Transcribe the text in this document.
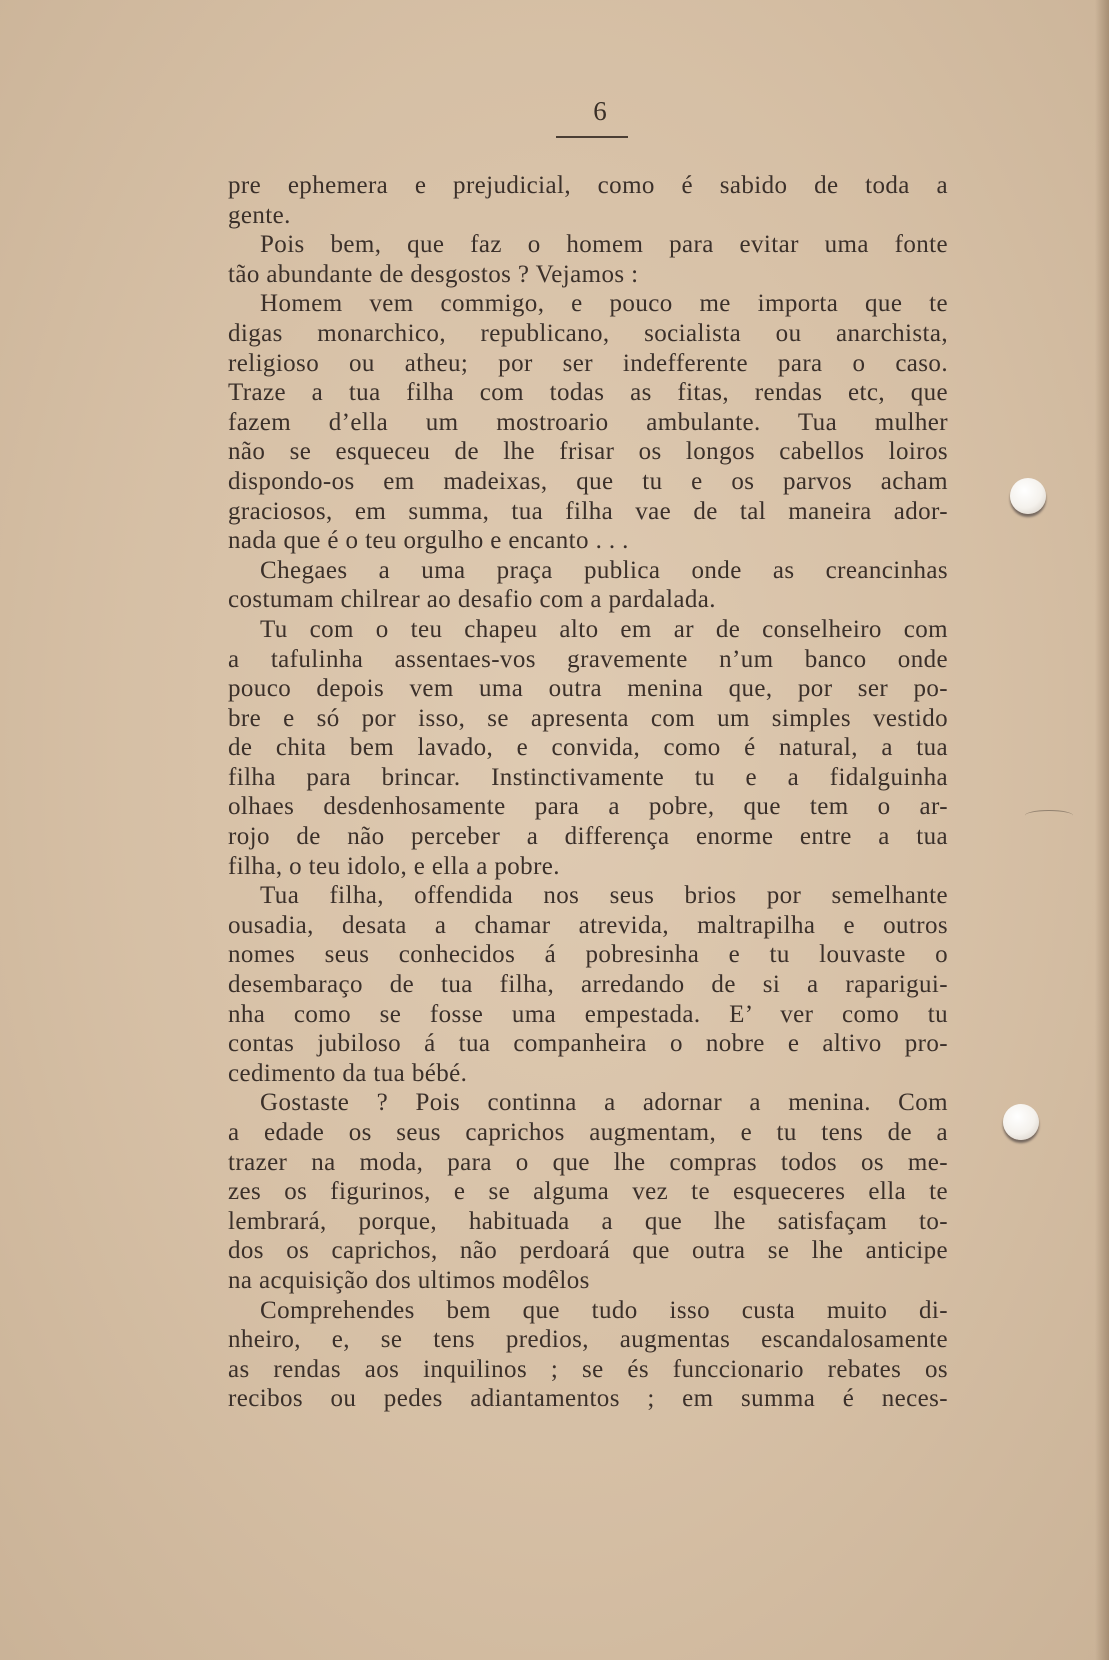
6
pre ephemera e prejudicial, como é sabido de toda a
gente.
Pois bem, que faz o homem para evitar uma fonte
tão abundante de desgostos ? Vejamos :
Homem vem commigo, e pouco me importa que te
digas monarchico, republicano, socialista ou anarchista,
religioso ou atheu; por ser indefferente para o caso.
Traze a tua filha com todas as fitas, rendas etc, que
fazem d’ella um mostroario ambulante. Tua mulher
não se esqueceu de lhe frisar os longos cabellos loiros
dispondo-os em madeixas, que tu e os parvos acham
graciosos, em summa, tua filha vae de tal maneira ador-
nada que é o teu orgulho e encanto . . .
Chegaes a uma praça publica onde as creancinhas
costumam chilrear ao desafio com a pardalada.
Tu com o teu chapeu alto em ar de conselheiro com
a tafulinha assentaes-vos gravemente n’um banco onde
pouco depois vem uma outra menina que, por ser po-
bre e só por isso, se apresenta com um simples vestido
de chita bem lavado, e convida, como é natural, a tua
filha para brincar. Instinctivamente tu e a fidalguinha
olhaes desdenhosamente para a pobre, que tem o ar-
rojo de não perceber a differença enorme entre a tua
filha, o teu idolo, e ella a pobre.
Tua filha, offendida nos seus brios por semelhante
ousadia, desata a chamar atrevida, maltrapilha e outros
nomes seus conhecidos á pobresinha e tu louvaste o
desembaraço de tua filha, arredando de si a raparigui-
nha como se fosse uma empestada. E’ ver como tu
contas jubiloso á tua companheira o nobre e altivo pro-
cedimento da tua bébé.
Gostaste ? Pois continna a adornar a menina. Com
a edade os seus caprichos augmentam, e tu tens de a
trazer na moda, para o que lhe compras todos os me-
zes os figurinos, e se alguma vez te esqueceres ella te
lembrará, porque, habituada a que lhe satisfaçam to-
dos os caprichos, não perdoará que outra se lhe anticipe
na acquisição dos ultimos modêlos
Comprehendes bem que tudo isso custa muito di-
nheiro, e, se tens predios, augmentas escandalosamente
as rendas aos inquilinos ; se és funccionario rebates os
recibos ou pedes adiantamentos ; em summa é neces-
